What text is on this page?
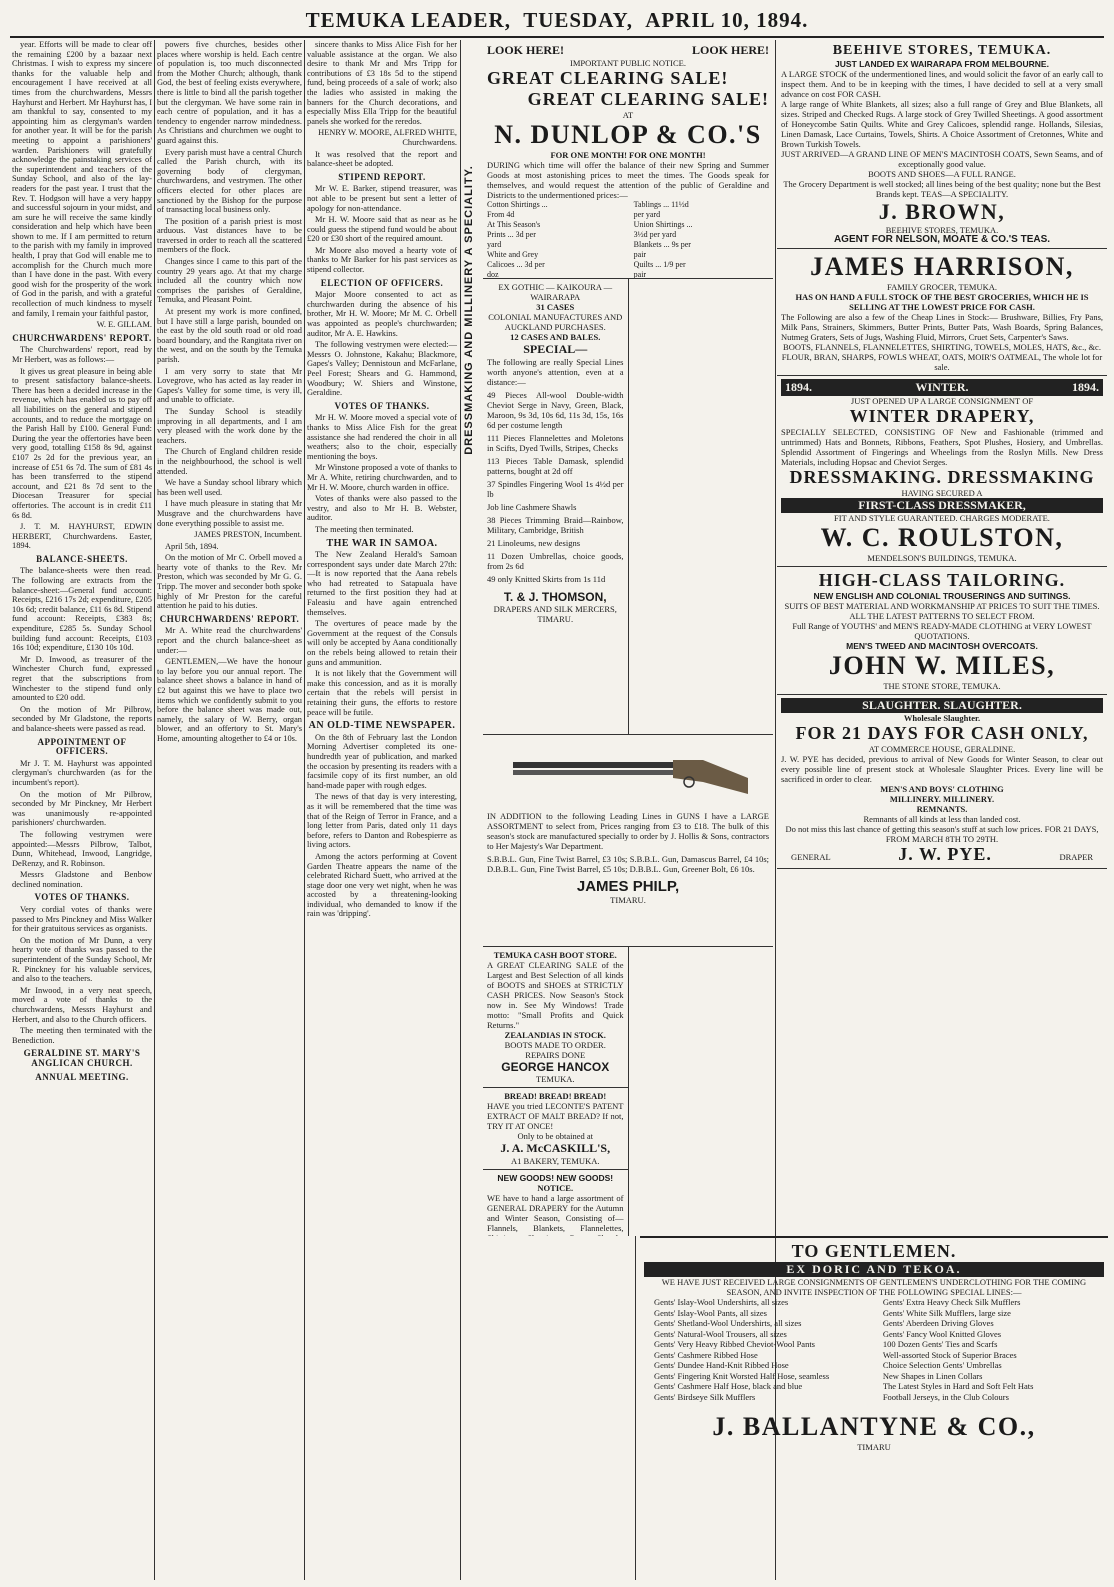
TEMUKA LEADER, TUESDAY, APRIL 10, 1894.

year. Efforts will be made to clear off the remaining £200 by a bazaar next Christmas. I wish to express my sincere thanks for the valuable help and encouragement I have received at all times from the churchwardens, Messrs Hayhurst and Herbert. Mr Hayhurst has, I am thankful to say, consented to my appointing him as clergyman's warden for another year. It will be for the parish meeting to appoint a parishioners' warden. Parishioners will gratefully acknowledge the painstaking services of the superintendent and teachers of the Sunday School, and also of the lay-readers for the past year. I trust that the Rev. T. Hodgson will have a very happy and successful sojourn in your midst, and am sure he will receive the same kindly consideration and help which have been shown to me. If I am permitted to return to the parish with my family in improved health, I pray that God will enable me to accomplish for the Church much more than I have done in the past. With every good wish for the prosperity of the work of God in the parish, and with a grateful recollection of much kindness to myself and family, I remain your faithful pastor,

W. E. GILLAM.

CHURCHWARDENS' REPORT.

The Churchwardens' report, read by Mr Herbert, was as follows:—

It gives us great pleasure in being able to present satisfactory balance-sheets. There has been a decided increase in the revenue, which has enabled us to pay off all liabilities on the general and stipend accounts, and to reduce the mortgage on the Parish Hall by £100. General Fund: During the year the offertories have been very good, totalling £158 8s 9d, against £107 2s 2d for the previous year, an increase of £51 6s 7d. The sum of £81 4s has been transferred to the stipend account, and £21 8s 7d sent to the Diocesan Treasurer for special offertories. The account is in credit £11 6s 8d.

J. T. M. HAYHURST, EDWIN HERBERT, Churchwardens. Easter, 1894.

BALANCE-SHEETS.

The balance-sheets were then read. The following are extracts from the balance-sheet:—General fund account: Receipts, £216 17s 2d; expenditure, £205 10s 6d; credit balance, £11 6s 8d. Stipend fund account: Receipts, £383 8s; expenditure, £285 5s. Sunday School building fund account: Receipts, £103 16s 10d; expenditure, £130 10s 10d.

Mr D. Inwood, as treasurer of the Winchester Church fund, expressed regret that the subscriptions from Winchester to the stipend fund only amounted to £20 odd.

On the motion of Mr Pilbrow, seconded by Mr Gladstone, the reports and balance-sheets were passed as read.

APPOINTMENT OF OFFICERS.

Mr J. T. M. Hayhurst was appointed clergyman's churchwarden (as for the incumbent's report).

On the motion of Mr Pilbrow, seconded by Mr Pinckney, Mr Herbert was unanimously re-appointed parishioners' churchwarden.

The following vestrymen were appointed:—Messrs Pilbrow, Talbot, Dunn, Whitehead, Inwood, Langridge, DeRenzy, and R. Robinson.

Messrs Gladstone and Benbow declined nomination.

VOTES OF THANKS.

Very cordial votes of thanks were passed to Mrs Pinckney and Miss Walker for their gratuitous services as organists.

On the motion of Mr Dunn, a very hearty vote of thanks was passed to the superintendent of the Sunday School, Mr R. Pinckney for his valuable services, and also to the teachers.

Mr Inwood, in a very neat speech, moved a vote of thanks to the churchwardens, Messrs Hayhurst and Herbert, and also to the Church officers.

The meeting then terminated with the Benediction.

GERALDINE ST. MARY'S ANGLICAN CHURCH.

ANNUAL MEETING.

powers five churches, besides other places where worship is held. Each centre of population is, too much disconnected from the Mother Church; although, thank God, the best of feeling exists everywhere, there is little to bind all the parish together but the clergyman. We have some rain in each centre of population, and it has a tendency to engender narrow mindedness. As Christians and churchmen we ought to guard against this.

Every parish must have a central Church called the Parish church, with its governing body of clergyman, churchwardens, and vestrymen. The other officers elected for other places are sanctioned by the Bishop for the purpose of transacting local business only.

The position of a parish priest is most arduous. Vast distances have to be traversed in order to reach all the scattered members of the flock.

Changes since I came to this part of the country 29 years ago. At that my charge included all the country which now comprises the parishes of Geraldine, Temuka, and Pleasant Point.

At present my work is more confined, but I have still a large parish, bounded on the east by the old south road or old road board boundary, and the Rangitata river on the west, and on the south by the Temuka parish.

I am very sorry to state that Mr Lovegrove, who has acted as lay reader in Gapes's Valley for some time, is very ill, and unable to officiate.

The Sunday School is steadily improving in all departments, and I am very pleased with the work done by the teachers.

The Church of England children reside in the neighbourhood, the school is well attended.

We have a Sunday school library which has been well used.

I have much pleasure in stating that Mr Musgrave and the churchwardens have done everything possible to assist me.

JAMES PRESTON, Incumbent.

April 5th, 1894.

On the motion of Mr C. Orbell moved a hearty vote of thanks to the Rev. Mr Preston, which was seconded by Mr G. G. Tripp. The mover and seconder both spoke highly of Mr Preston for the careful attention he paid to his duties.

CHURCHWARDENS' REPORT.

Mr A. White read the churchwardens' report and the church balance-sheet as under:—

GENTLEMEN,—We have the honour to lay before you our annual report. The balance sheet shows a balance in hand of £2 but against this we have to place two items which we confidently submit to you before the balance sheet was made out, namely, the salary of W. Berry, organ blower, and an offertory to St. Mary's Home, amounting altogether to £4 or 10s.

sincere thanks to Miss Alice Fish for her valuable assistance at the organ. We also desire to thank Mr and Mrs Tripp for contributions of £3 18s 5d to the stipend fund, being proceeds of a sale of work; also the ladies who assisted in making the banners for the Church decorations, and especially Miss Ella Tripp for the beautiful panels she worked for the reredos.

HENRY W. MOORE, ALFRED WHITE, Churchwardens.

It was resolved that the report and balance-sheet be adopted.

STIPEND REPORT.

Mr W. E. Barker, stipend treasurer, was not able to be present but sent a letter of apology for non-attendance.

Mr H. W. Moore said that as near as he could guess the stipend fund would be about £20 or £30 short of the required amount.

Mr Moore also moved a hearty vote of thanks to Mr Barker for his past services as stipend collector.

ELECTION OF OFFICERS.

Major Moore consented to act as churchwarden during the absence of his brother, Mr H. W. Moore; Mr M. C. Orbell was appointed as people's churchwarden; auditor, Mr A. E. Hawkins.

The following vestrymen were elected:—Messrs O. Johnstone, Kakahu; Blackmore, Gapes's Valley; Dennistoun and McFarlane, Peel Forest; Shears and G. Hammond, Woodbury; W. Shiers and Winstone, Geraldine.

VOTES OF THANKS.

Mr H. W. Moore moved a special vote of thanks to Miss Alice Fish for the great assistance she had rendered the choir in all weathers; also to the choir, especially mentioning the boys.

Mr Winstone proposed a vote of thanks to Mr A. White, retiring churchwarden, and to Mr H. W. Moore, church warden in office.

Votes of thanks were also passed to the vestry, and also to Mr H. B. Webster, auditor.

The meeting then terminated.

THE WAR IN SAMOA.

The New Zealand Herald's Samoan correspondent says under date March 27th:—It is now reported that the Aana rebels who had retreated to Satapuala have returned to the first position they had at Faleasiu and have again entrenched themselves.

The overtures of peace made by the Government at the request of the Consuls will only be accepted by Aana conditionally on the rebels being allowed to retain their guns and ammunition.

It is not likely that the Government will make this concession, and as it is morally certain that the rebels will persist in retaining their guns, the efforts to restore peace will be futile.

AN OLD-TIME NEWSPAPER.

On the 8th of February last the London Morning Advertiser completed its one-hundredth year of publication, and marked the occasion by presenting its readers with a facsimile copy of its first number, an old hand-made paper with rough edges.

The news of that day is very interesting, as it will be remembered that the time was that of the Reign of Terror in France, and a long letter from Paris, dated only 11 days before, refers to Danton and Robespierre as living actors.

Among the actors performing at Covent Garden Theatre appears the name of the celebrated Richard Suett, who arrived at the stage door one very wet night, when he was accosted by a threatening-looking individual, who demanded to know if the rain was 'dripping'.

DRESSMAKING AND MILLINERY A SPECIALITY.
LOOK HERE!	LOOK HERE!
IMPORTANT PUBLIC NOTICE.
GREAT CLEARING SALE!
GREAT CLEARING SALE!
AT
N. DUNLOP & CO.'S
FOR ONE MONTH! FOR ONE MONTH!
DURING which time will offer the balance of their new Spring and Summer Goods at most astonishing prices to meet the times. The Goods speak for themselves, and would request the attention of the public of Geraldine and Districts to the undermentioned prices:—
Cotton Shirtings ... From 4d
At This Season's Prints ... 3d per yard
White and Grey Calicoes ... 3d per doz
Tablings ... 11½d per yard
Union Shirtings ... 3½d per yard
Blankets ... 9s per pair
Quilts ... 1/9 per pair
EX GOTHIC — KAIKOURA — WAIRARAPA
31 CASES
COLONIAL MANUFACTURES AND AUCKLAND PURCHASES.
12 CASES AND BALES.
SPECIAL—
The following are really Special Lines worth anyone's attention, even at a distance:—
49 Pieces All-wool Double-width Cheviot Serge in Navy, Green, Black, Maroon, 9s 3d, 10s 6d, 11s 3d, 15s, 16s 6d per costume length
111 Pieces Flannelettes and Moletons in Scifts, Dyed Twills, Stripes, Checks
113 Pieces Table Damask, splendid patterns, bought at 2d off
37 Spindles Fingering Wool 1s 4½d per lb
Job line Cashmere Shawls
38 Pieces Trimming Braid—Rainbow, Military, Cambridge, British
21 Linoleums, new designs
11 Dozen Umbrellas, choice goods, from 2s 6d
49 only Knitted Skirts from 1s 11d
T. & J. THOMSON,
DRAPERS AND SILK MERCERS, TIMARU.
IN ADDITION to the following Leading Lines in GUNS I have a LARGE ASSORTMENT to select from, Prices ranging from £3 to £18. The bulk of this season's stock are manufactured specially to order by J. Hollis & Sons, contractors to Her Majesty's War Department.
S.B.B.L. Gun, Fine Twist Barrel, £3 10s; S.B.B.L. Gun, Damascus Barrel, £4 10s; D.B.B.L. Gun, Fine Twist Barrel, £5 10s; D.B.B.L. Gun, Greener Bolt, £6 10s.
JAMES PHILP,
TIMARU.
TEMUKA CASH BOOT STORE.
A GREAT CLEARING SALE of the Largest and Best Selection of all kinds of BOOTS and SHOES at STRICTLY CASH PRICES. Now Season's Stock now in. See My Windows! Trade motto: "Small Profits and Quick Returns."
ZEALANDIAS IN STOCK.
BOOTS MADE TO ORDER. REPAIRS DONE
GEORGE HANCOX
TEMUKA.
BREAD! BREAD! BREAD!
HAVE you tried LECONTE'S PATENT EXTRACT OF MALT BREAD? If not, TRY IT AT ONCE!
Only to be obtained at
J. A. McCASKILL'S,
A1 BAKERY, TEMUKA.
NEW GOODS! NEW GOODS!
NOTICE.
WE have to hand a large assortment of GENERAL DRAPERY for the Autumn and Winter Season, Consisting of—Flannels, Blankets, Flannelettes,
BEEHIVE STORES, TEMUKA.
JUST LANDED EX WAIRARAPA FROM MELBOURNE.
A LARGE STOCK of the undermentioned lines, and would solicit the favor of an early call to inspect them. And to be in keeping with the times, I have decided to sell at a very small advance on cost FOR CASH.
A large range of White Blankets, all sizes; also a full range of Grey and Blue Blankets, all sizes. Striped and Checked Rugs. A large stock of Grey Twilled Sheetings. A good assortment of Honeycombe Satin Quilts. White and Grey Calicoes, splendid range. Hollands, Silesias, Linen Damask, Lace Curtains, Towels, Shirts. A Choice Assortment of Cretonnes, White and Brown Turkish Towels.
JUST ARRIVED—A GRAND LINE OF MEN'S MACINTOSH COATS, Sewn Seams, and of exceptionally good value.
BOOTS AND SHOES—A FULL RANGE.
The Grocery Department is well stocked; all lines being of the best quality; none but the Best Brands kept. TEAS—A SPECIALITY.
J. BROWN,
BEEHIVE STORES, TEMUKA.
AGENT FOR NELSON, MOATE & CO.'S TEAS.
JAMES HARRISON,
FAMILY GROCER, TEMUKA.
HAS ON HAND A FULL STOCK OF THE BEST GROCERIES, WHICH HE IS SELLING AT THE LOWEST PRICE FOR CASH.
The Following are also a few of the Cheap Lines in Stock:— Brushware, Billies, Fry Pans, Milk Pans, Strainers, Skimmers, Butter Prints, Butter Pats, Wash Boards, Spring Balances, Nutmeg Graters, Sets of Jugs, Washing Fluid, Mirrors, Cruet Sets, Carpenter's Saws.
BOOTS, FLANNELS, FLANNELETTES, SHIRTING, TOWELS, MOLES, HATS, &c., &c.
FLOUR, BRAN, SHARPS, FOWLS WHEAT, OATS, MOIR'S OATMEAL, The whole lot for sale.
1894.	WINTER.	1894.
JUST OPENED UP A LARGE CONSIGNMENT OF
WINTER DRAPERY,
SPECIALLY SELECTED, CONSISTING OF New and Fashionable (trimmed and untrimmed) Hats and Bonnets, Ribbons, Feathers, Spot Plushes, Hosiery, and Umbrellas. Splendid Assortment of Fingerings and Wheelings from the Roslyn Mills. New Dress Materials, including Hopsac and Cheviot Serges.
DRESSMAKING. DRESSMAKING
HAVING SECURED A
FIRST-CLASS DRESSMAKER,
FIT AND STYLE GUARANTEED. CHARGES MODERATE.
W. C. ROULSTON,
MENDELSON'S BUILDINGS, TEMUKA.
HIGH-CLASS TAILORING.
NEW ENGLISH AND COLONIAL TROUSERINGS AND SUITINGS.
SUITS OF BEST MATERIAL AND WORKMANSHIP AT PRICES TO SUIT THE TIMES.
ALL THE LATEST PATTERNS TO SELECT FROM.
Full Range of YOUTHS' and MEN'S READY-MADE CLOTHING at VERY LOWEST QUOTATIONS.
MEN'S TWEED AND MACINTOSH OVERCOATS.
JOHN W. MILES,
THE STONE STORE, TEMUKA.
SLAUGHTER. SLAUGHTER.
Wholesale Slaughter.
FOR 21 DAYS FOR CASH ONLY,
AT COMMERCE HOUSE, GERALDINE.
J. W. PYE has decided, previous to arrival of New Goods for Winter Season, to clear out every possible line of present stock at Wholesale Slaughter Prices. Every line will be sacrificed in order to clear.
MEN'S AND BOYS' CLOTHING
MILLINERY. MILLINERY.
REMNANTS.
Remnants of all kinds at less than landed cost.
Do not miss this last chance of getting this season's stuff at such low prices. FOR 21 DAYS, FROM MARCH 8TH TO 29TH.
GENERAL	J. W. PYE.	DRAPER
TO GENTLEMEN.
EX DORIC AND TEKOA.
WE HAVE JUST RECEIVED LARGE CONSIGNMENTS OF GENTLEMEN'S UNDERCLOTHING FOR THE COMING SEASON, AND INVITE INSPECTION OF THE FOLLOWING SPECIAL LINES:—
Gents' Islay-Wool Undershirts, all sizes
Gents' Islay-Wool Pants, all sizes
Gents' Shetland-Wool Undershirts, all sizes
Gents' Natural-Wool Trousers, all sizes
Gents' Very Heavy Ribbed Cheviot-Wool Pants
Gents' Cashmere Ribbed Hose
Gents' Dundee Hand-Knit Ribbed Hose
Gents' Fingering Knit Worsted Half Hose, seamless
Gents' Cashmere Half Hose, black and blue
Gents' Birdseye Silk Mufflers
Gents' Extra Heavy Check Silk Mufflers
Gents' White Silk Mufflers, large size
Gents' Aberdeen Driving Gloves
Gents' Fancy Wool Knitted Gloves
100 Dozen Gents' Ties and Scarfs
Well-assorted Stock of Superior Braces
Choice Selection Gents' Umbrellas
New Shapes in Linen Collars
The Latest Styles in Hard and Soft Felt Hats
Football Jerseys, in the Club Colours
J. BALLANTYNE & CO.,
TIMARU
